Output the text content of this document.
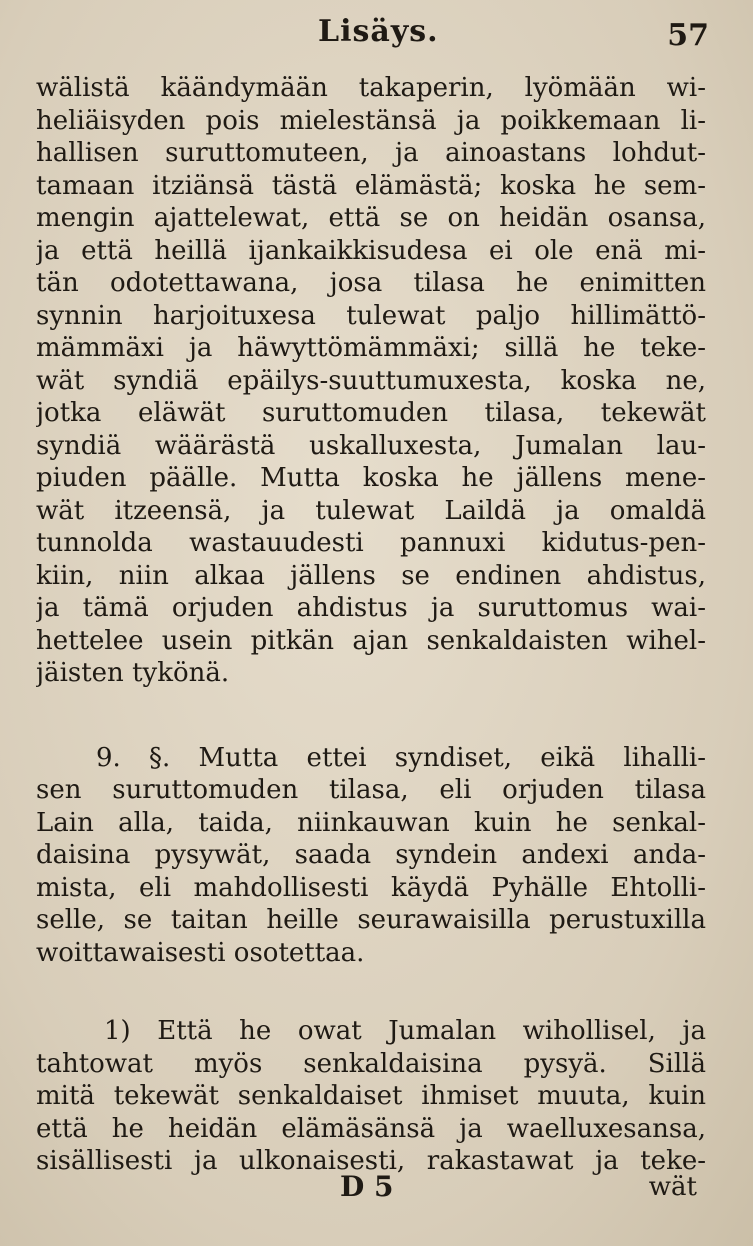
Lisäys.	57
wälistä käändymään takaperin, lyömään wi-
heliäisyden pois mielestänsä ja poikkemaan li-
hallisen suruttomuteen, ja ainoastans lohdut-
tamaan itziänsä tästä elämästä; koska he sem-
mengin ajattelewat, että se on heidän osansa,
ja että heillä ijankaikkisudesa ei ole enä mi-
tän odotettawana, josa tilasa he enimitten
synnin harjoituxesa tulewat paljo hillimättö-
mämmäxi ja häwyttömämmäxi; sillä he teke-
wät syndiä epäilys-suuttumuxesta, koska ne,
jotka eläwät suruttomuden tilasa, tekewät
syndiä wäärästä uskalluxesta, Jumalan lau-
piuden päälle. Mutta koska he jällens mene-
wät itzeensä, ja tulewat Laildä ja omaldä
tunnolda wastauudesti pannuxi kidutus-pen-
kiin, niin alkaa jällens se endinen ahdistus,
ja tämä orjuden ahdistus ja suruttomus wai-
hettelee usein pitkän ajan senkaldaisten wihel-
jäisten tykönä.
9. §. Mutta ettei syndiset, eikä lihalli-
sen suruttomuden tilasa, eli orjuden tilasa
Lain alla, taida, niinkauwan kuin he senkal-
daisina pysywät, saada syndein andexi anda-
mista, eli mahdollisesti käydä Pyhälle Ehtolli-
selle, se taitan heille seurawaisilla perustuxilla
woittawaisesti osotettaa.
1) Että he owat Jumalan wihollisel, ja
tahtowat myös senkaldaisina pysyä. Sillä
mitä tekewät senkaldaiset ihmiset muuta, kuin
että he heidän elämäsänsä ja waelluxesansa,
sisällisesti ja ulkonaisesti, rakastawat ja teke-
D 5	wät
